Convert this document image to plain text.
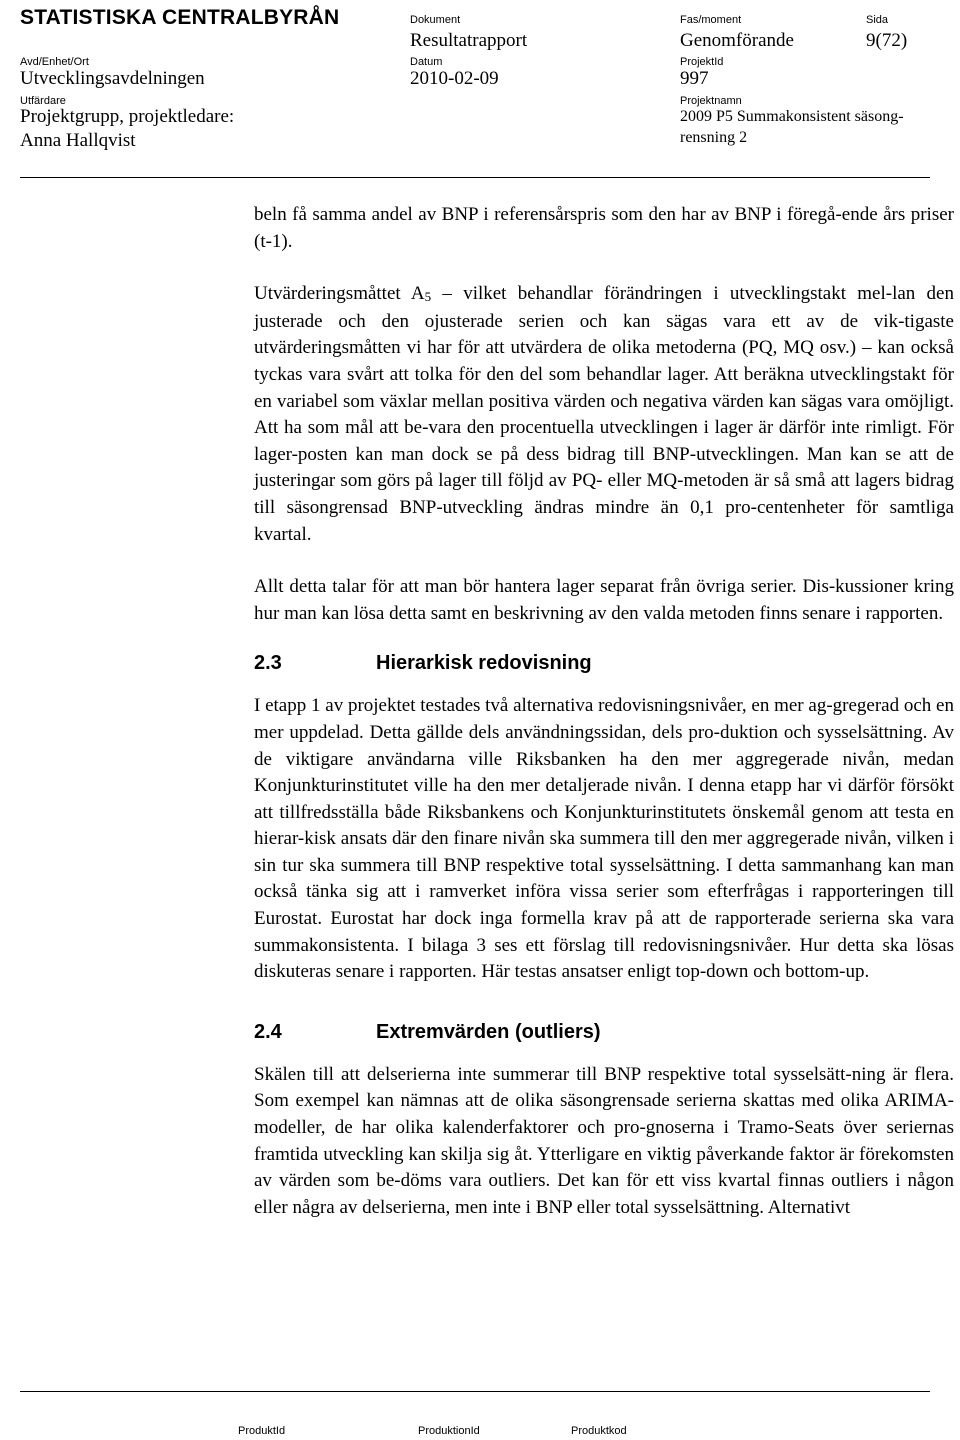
STATISTISKA CENTRALBYRÅN	Dokument
Resultatrapport
Fas/moment
Genomförande
Sida
9(72)
Avd/Enhet/Ort
Utvecklingsavdelningen
Datum
2010-02-09
ProjektId
997
Utfärdare
Projektgrupp, projektledare:
Anna Hallqvist
Projektnamn
2009 P5 Summakonsistent säsong-rensning 2

beln få samma andel av BNP i referensårspris som den har av BNP i föregå-ende års priser (t-1).

Utvärderingsmåttet A5 – vilket behandlar förändringen i utvecklingstakt mel-lan den justerade och den ojusterade serien och kan sägas vara ett av de vik-tigaste utvärderingsmåtten vi har för att utvärdera de olika metoderna (PQ, MQ osv.) – kan också tyckas vara svårt att tolka för den del som behandlar lager. Att beräkna utvecklingstakt för en variabel som växlar mellan positiva värden och negativa värden kan sägas vara omöjligt. Att ha som mål att be-vara den procentuella utvecklingen i lager är därför inte rimligt. För lager-posten kan man dock se på dess bidrag till BNP-utvecklingen. Man kan se att de justeringar som görs på lager till följd av PQ- eller MQ-metoden är så små att lagers bidrag till säsongrensad BNP-utveckling ändras mindre än 0,1 pro-centenheter för samtliga kvartal.

Allt detta talar för att man bör hantera lager separat från övriga serier. Dis-kussioner kring hur man kan lösa detta samt en beskrivning av den valda metoden finns senare i rapporten.

2.3	Hierarkisk redovisning

I etapp 1 av projektet testades två alternativa redovisningsnivåer, en mer ag-gregerad och en mer uppdelad. Detta gällde dels användningssidan, dels pro-duktion och sysselsättning. Av de viktigare användarna ville Riksbanken ha den mer aggregerade nivån, medan Konjunkturinstitutet ville ha den mer detaljerade nivån. I denna etapp har vi därför försökt att tillfredsställa både Riksbankens och Konjunkturinstitutets önskemål genom att testa en hierar-kisk ansats där den finare nivån ska summera till den mer aggregerade nivån, vilken i sin tur ska summera till BNP respektive total sysselsättning. I detta sammanhang kan man också tänka sig att i ramverket införa vissa serier som efterfrågas i rapporteringen till Eurostat. Eurostat har dock inga formella krav på att de rapporterade serierna ska vara summakonsistenta. I bilaga 3 ses ett förslag till redovisningsnivåer. Hur detta ska lösas diskuteras senare i rapporten. Här testas ansatser enligt top-down och bottom-up.

2.4	Extremvärden (outliers)

Skälen till att delserierna inte summerar till BNP respektive total sysselsätt-ning är flera. Som exempel kan nämnas att de olika säsongrensade serierna skattas med olika ARIMA-modeller, de har olika kalenderfaktorer och pro-gnoserna i Tramo-Seats över seriernas framtida utveckling kan skilja sig åt. Ytterligare en viktig påverkande faktor är förekomsten av värden som be-döms vara outliers. Det kan för ett viss kvartal finnas outliers i någon eller några av delserierna, men inte i BNP eller total sysselsättning. Alternativt

ProduktId	ProduktionId	Produktkod
